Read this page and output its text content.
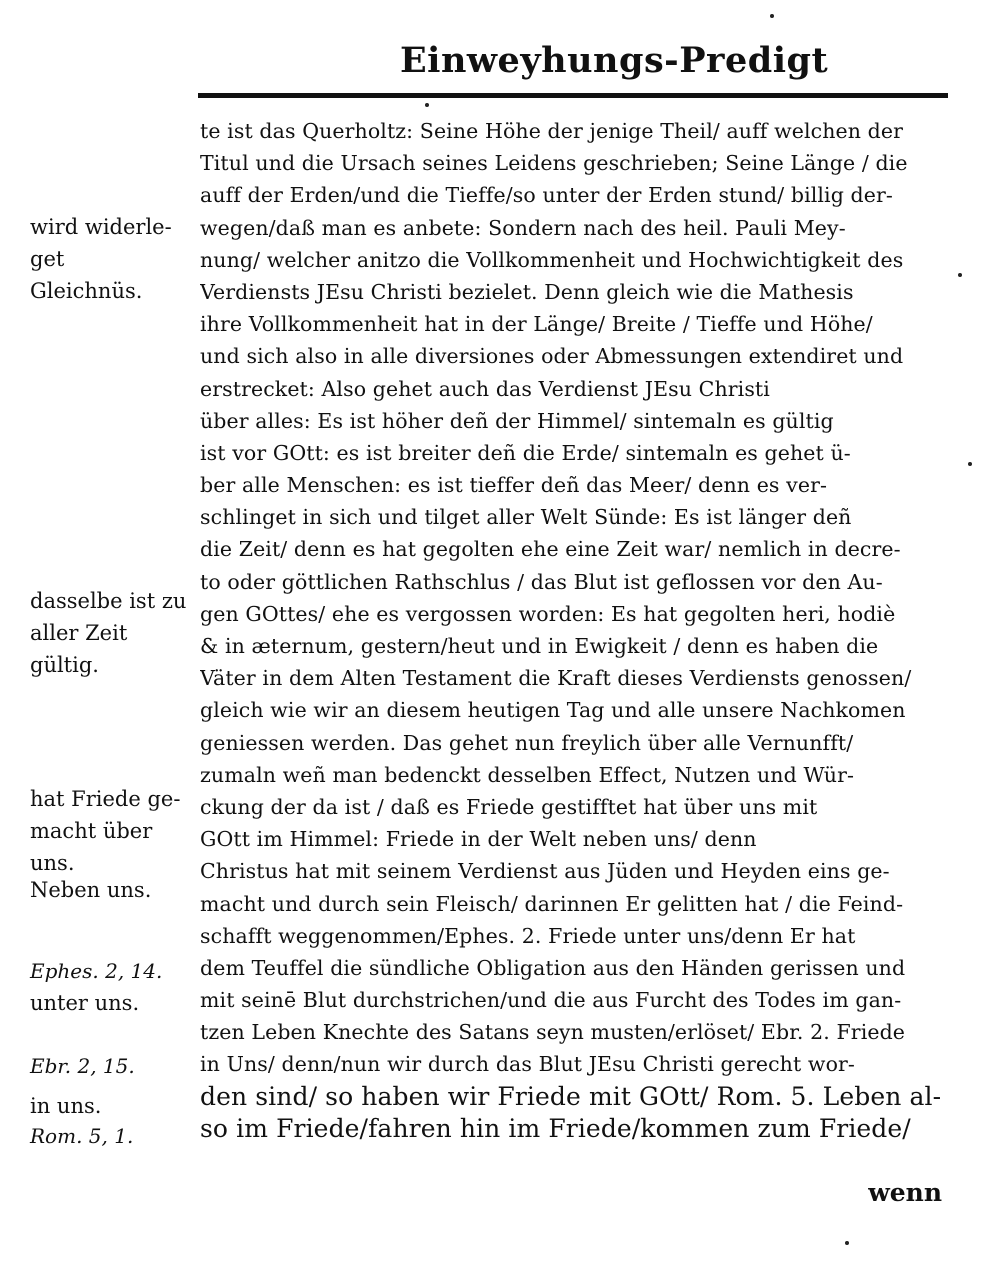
Einweyhungs-Predigt
te ist das Querholtz: Seine Höhe der jenige Theil/ auff welchen der
Titul und die Ursach seines Leidens geschrieben; Seine Länge / die
auff der Erden/und die Tieffe/so unter der Erden stund/ billig der-
wegen/daß man es anbete: Sondern nach des heil. Pauli Mey-
nung/ welcher anitzo die Vollkommenheit und Hochwichtigkeit des
Verdiensts JEsu Christi bezielet. Denn gleich wie die Mathesis
ihre Vollkommenheit hat in der Länge/ Breite / Tieffe und Höhe/
und sich also in alle diversiones oder Abmessungen extendiret und
erstrecket: Also gehet auch das Verdienst JEsu Christi
über alles: Es ist höher deñ der Himmel/ sintemaln es gültig
ist vor GOtt: es ist breiter deñ die Erde/ sintemaln es gehet ü-
ber alle Menschen: es ist tieffer deñ das Meer/ denn es ver-
schlinget in sich und tilget aller Welt Sünde: Es ist länger deñ
die Zeit/ denn es hat gegolten ehe eine Zeit war/ nemlich in decre-
to oder göttlichen Rathschlus / das Blut ist geflossen vor den Au-
gen GOttes/ ehe es vergossen worden: Es hat gegolten heri, hodiè
& in æternum, gestern/heut und in Ewigkeit / denn es haben die
Väter in dem Alten Testament die Kraft dieses Verdiensts genossen/
gleich wie wir an diesem heutigen Tag und alle unsere Nachkomen
geniessen werden. Das gehet nun freylich über alle Vernunfft/
zumaln weñ man bedenckt desselben Effect, Nutzen und Wür-
ckung der da ist / daß es Friede gestifftet hat über uns mit
GOtt im Himmel: Friede in der Welt neben uns/ denn
Christus hat mit seinem Verdienst aus Jüden und Heyden eins ge-
macht und durch sein Fleisch/ darinnen Er gelitten hat / die Feind-
schafft weggenommen/Ephes. 2. Friede unter uns/denn Er hat
dem Teuffel die sündliche Obligation aus den Händen gerissen und
mit seinē Blut durchstrichen/und die aus Furcht des Todes im gan-
tzen Leben Knechte des Satans seyn musten/erlöset/ Ebr. 2. Friede
in Uns/ denn/nun wir durch das Blut JEsu Christi gerecht wor-
den sind/ so haben wir Friede mit GOtt/ Rom. 5. Leben al-
so im Friede/fahren hin im Friede/kommen zum Friede/
wenn
wird widerle-
get
Gleichnüs.
dasselbe ist zu
aller Zeit
gültig.
hat Friede ge-
macht über
uns.
Neben uns.
Ephes. 2, 14.
unter uns.
Ebr. 2, 15.
in uns.
Rom. 5, 1.
